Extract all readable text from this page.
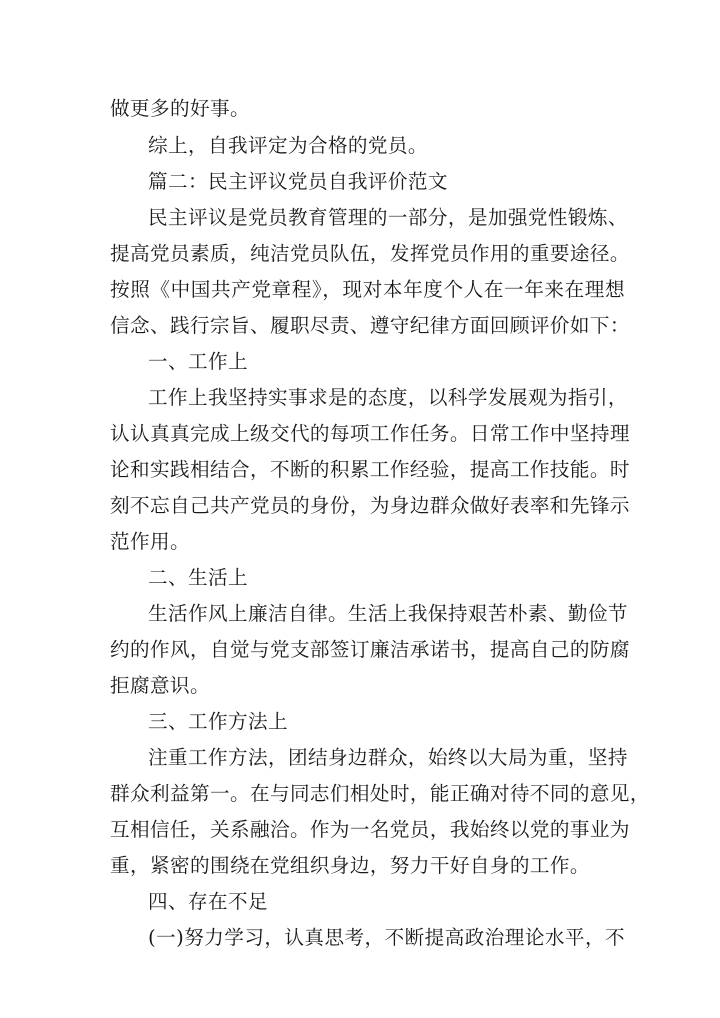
做更多的好事。
综上，自我评定为合格的党员。
篇二：民主评议党员自我评价范文
民主评议是党员教育管理的一部分，是加强党性锻炼、
提高党员素质，纯洁党员队伍，发挥党员作用的重要途径。
按照《中国共产党章程》，现对本年度个人在一年来在理想
信念、践行宗旨、履职尽责、遵守纪律方面回顾评价如下：
一、工作上
工作上我坚持实事求是的态度，以科学发展观为指引，
认认真真完成上级交代的每项工作任务。日常工作中坚持理
论和实践相结合，不断的积累工作经验，提高工作技能。时
刻不忘自己共产党员的身份，为身边群众做好表率和先锋示
范作用。
二、生活上
生活作风上廉洁自律。生活上我保持艰苦朴素、勤俭节
约的作风，自觉与党支部签订廉洁承诺书，提高自己的防腐
拒腐意识。
三、工作方法上
注重工作方法，团结身边群众，始终以大局为重，坚持
群众利益第一。在与同志们相处时，能正确对待不同的意见，
互相信任，关系融洽。作为一名党员，我始终以党的事业为
重，紧密的围绕在党组织身边，努力干好自身的工作。
四、存在不足
(一)努力学习，认真思考，不断提高政治理论水平，不
